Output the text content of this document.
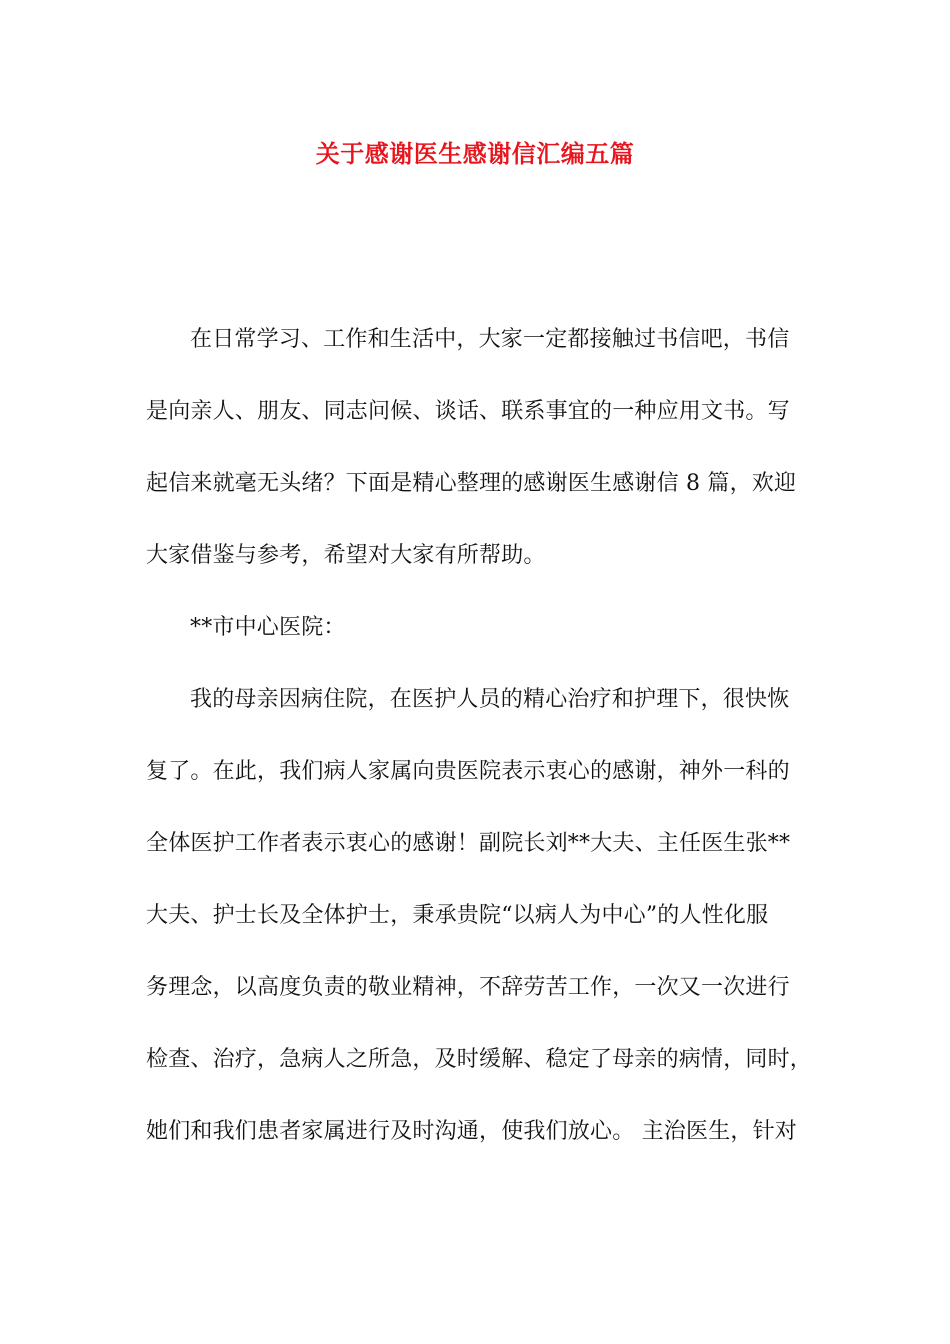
关于感谢医生感谢信汇编五篇
在日常学习、工作和生活中，大家一定都接触过书信吧，书信
是向亲人、朋友、同志问候、谈话、联系事宜的一种应用文书。写
起信来就毫无头绪？下面是精心整理的感谢医生感谢信 8 篇，欢迎
大家借鉴与参考，希望对大家有所帮助。
**市中心医院：
我的母亲因病住院，在医护人员的精心治疗和护理下，很快恢
复了。在此，我们病人家属向贵医院表示衷心的感谢，神外一科的
全体医护工作者表示衷心的感谢！副院长刘**大夫、主任医生张**
大夫、护士长及全体护士，秉承贵院“以病人为中心”的人性化服
务理念，以高度负责的敬业精神，不辞劳苦工作，一次又一次进行
检查、治疗，急病人之所急，及时缓解、稳定了母亲的病情，同时，
她们和我们患者家属进行及时沟通，使我们放心。 主治医生，针对
